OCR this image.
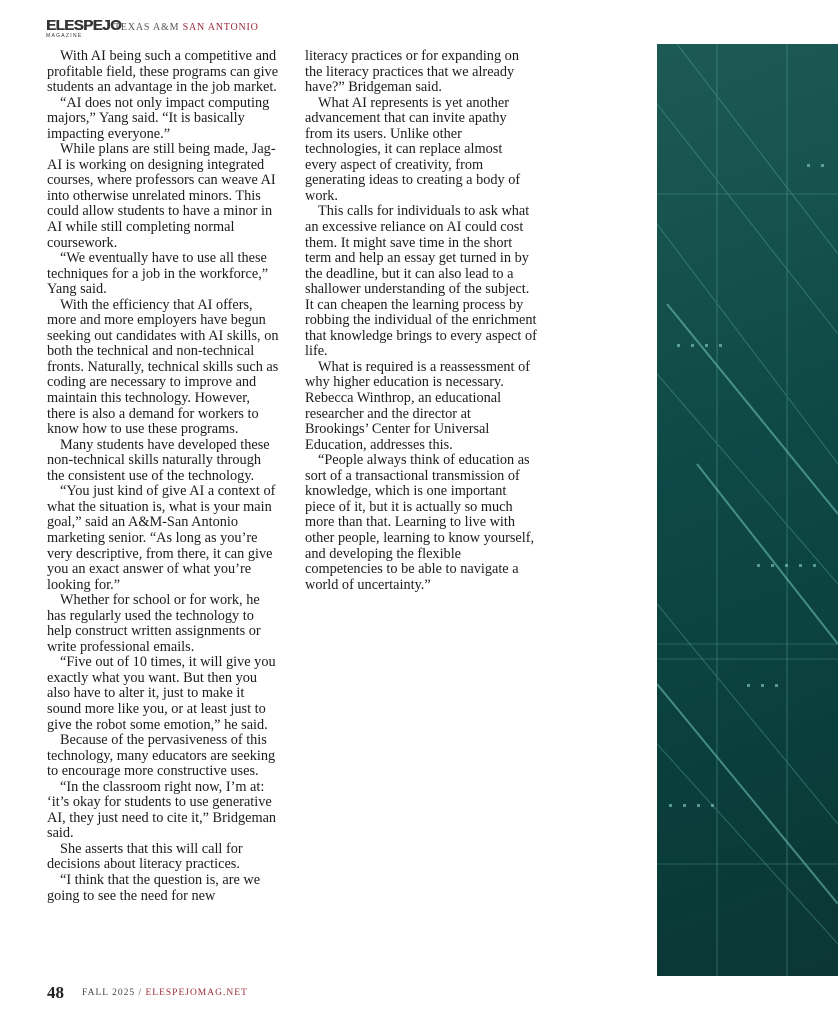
ELESPEJO
MAGAZINE
TEXAS A&M SAN ANTONIO

With AI being such a competitive and profitable field, these programs can give students an advantage in the job market.

“AI does not only impact computing majors,” Yang said. “It is basically impacting everyone.”

While plans are still being made, Jag-AI is working on designing integrated courses, where professors can weave AI into otherwise unrelated minors. This could allow students to have a minor in AI while still completing normal coursework.

“We eventually have to use all these techniques for a job in the workforce,” Yang said.

With the efficiency that AI offers, more and more employers have begun seeking out candidates with AI skills, on both the technical and non-technical fronts. Naturally, technical skills such as coding are necessary to improve and maintain this technology. However, there is also a demand for workers to know how to use these programs.

Many students have developed these non-technical skills naturally through the consistent use of the technology.

“You just kind of give AI a context of what the situation is, what is your main goal,” said an A&M-San Antonio marketing senior. “As long as you’re very descriptive, from there, it can give you an exact answer of what you’re looking for.”

Whether for school or for work, he has regularly used the technology to help construct written assignments or write professional emails.

“Five out of 10 times, it will give you exactly what you want. But then you also have to alter it, just to make it sound more like you, or at least just to give the robot some emotion,” he said.

Because of the pervasiveness of this technology, many educators are seeking to encourage more constructive uses.

“In the classroom right now, I’m at: ‘it’s okay for students to use generative AI, they just need to cite it,” Bridgeman said.

She asserts that this will call for decisions about literacy practices.

“I think that the question is, are we going to see the need for new

literacy practices or for expanding on the literacy practices that we already have?” Bridgeman said.

What AI represents is yet another advancement that can invite apathy from its users. Unlike other technologies, it can replace almost every aspect of creativity, from generating ideas to creating a body of work.

This calls for individuals to ask what an excessive reliance on AI could cost them. It might save time in the short term and help an essay get turned in by the deadline, but it can also lead to a shallower understanding of the subject. It can cheapen the learning process by robbing the individual of the enrichment that knowledge brings to every aspect of life.

What is required is a reassessment of why higher education is necessary. Rebecca Winthrop, an educational researcher and the director at Brookings’ Center for Universal Education, addresses this.

“People always think of education as sort of a transactional transmission of knowledge, which is one important piece of it, but it is actually so much more than that. Learning to live with other people, learning to know yourself, and developing the flexible competencies to be able to navigate a world of uncertainty.”

48 FALL 2025 / ELESPEJOMAG.NET
